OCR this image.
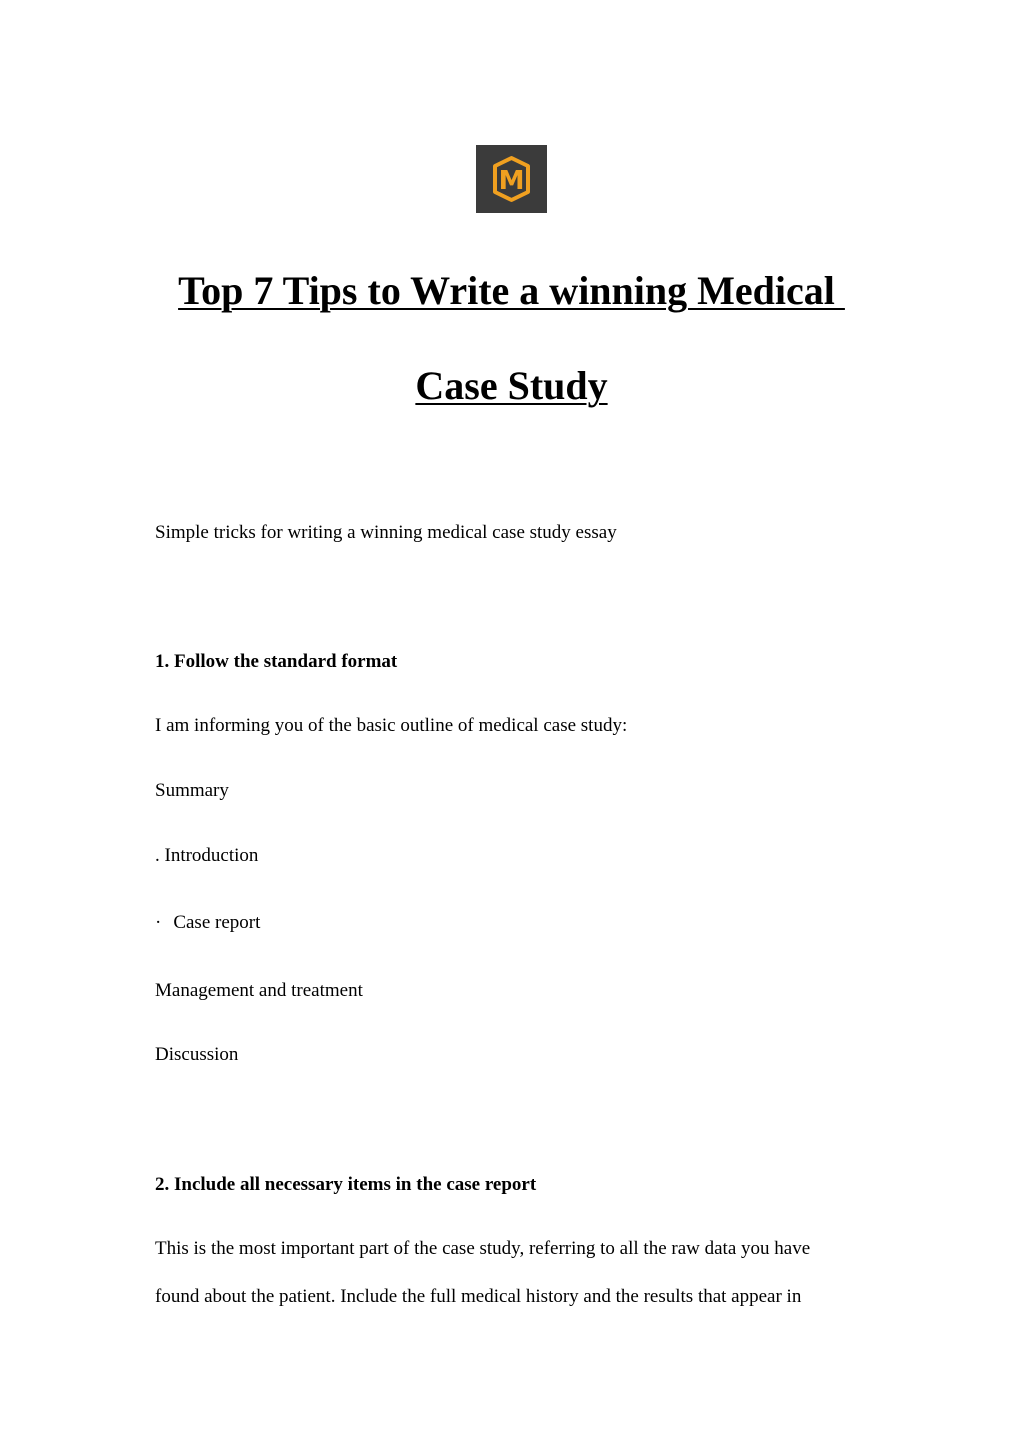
M
Top 7 Tips to Write a winning Medical
Case Study
Simple tricks for writing a winning medical case study essay
1. Follow the standard format
I am informing you of the basic outline of medical case study:
Summary
. Introduction
· Case report
Management and treatment
Discussion
2. Include all necessary items in the case report
This is the most important part of the case study, referring to all the raw data you have
found about the patient. Include the full medical history and the results that appear in
